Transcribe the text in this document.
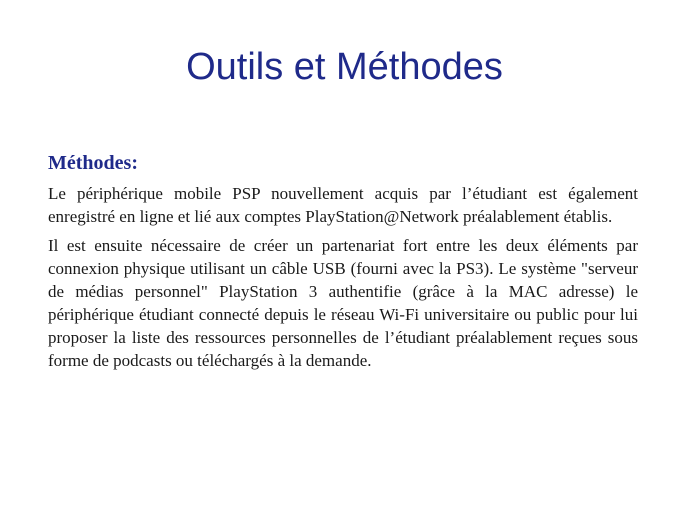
Outils et Méthodes
Méthodes:

Le périphérique mobile PSP nouvellement acquis par l’étudiant est également enregistré en ligne et lié aux comptes PlayStation@Network préalablement établis.

Il est ensuite nécessaire de créer un partenariat fort entre les deux éléments par connexion physique utilisant un câble USB (fourni avec la PS3). Le système "serveur de médias personnel" PlayStation 3 authentifie (grâce à la MAC adresse) le périphérique étudiant connecté depuis le réseau Wi-Fi universitaire ou public pour lui proposer la liste des ressources personnelles de l’étudiant préalablement reçues sous forme de podcasts ou téléchargés à la demande.
